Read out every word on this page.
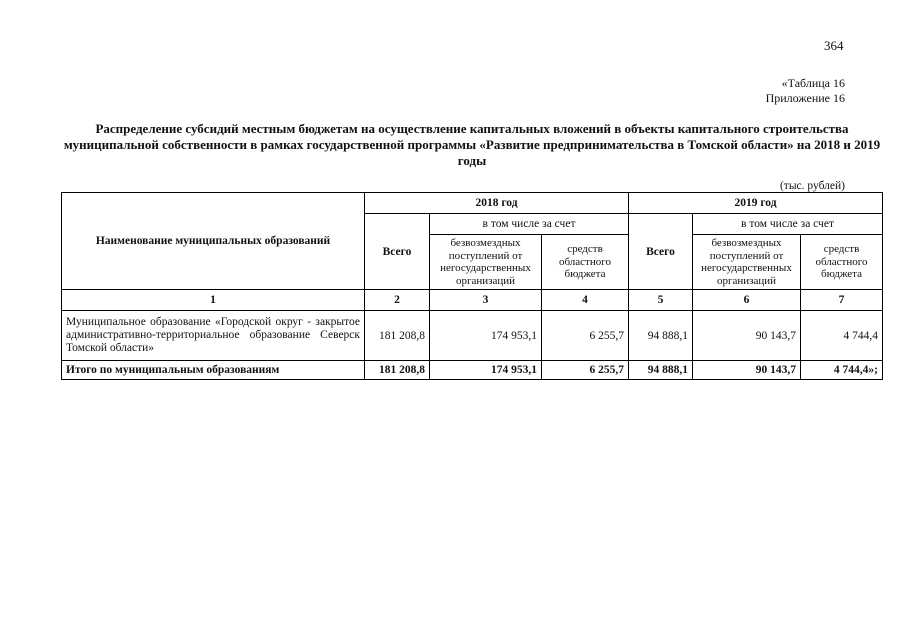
364
«Таблица 16
Приложение 16
Распределение субсидий местным бюджетам на осуществление капитальных вложений в объекты капитального строительства муниципальной собственности в рамках государственной программы «Развитие предпринимательства в Томской области» на 2018 и 2019 годы
(тыс. рублей)
Наименование муниципальных образований	2018 год			2019 год		
	Всего	в том числе за счет		Всего	в том числе за счет	
		безвозмездных поступлений от негосударственных организаций	средств областного бюджета		безвозмездных поступлений от негосударственных организаций	средств областного бюджета
1	2	3	4	5	6	7
Муниципальное образование «Городской округ - закрытое административно-территориальное образование Северск Томской области»	181 208,8	174 953,1	6 255,7	94 888,1	90 143,7	4 744,4
Итого по муниципальным образованиям	181 208,8	174 953,1	6 255,7	94 888,1	90 143,7	4 744,4»;
